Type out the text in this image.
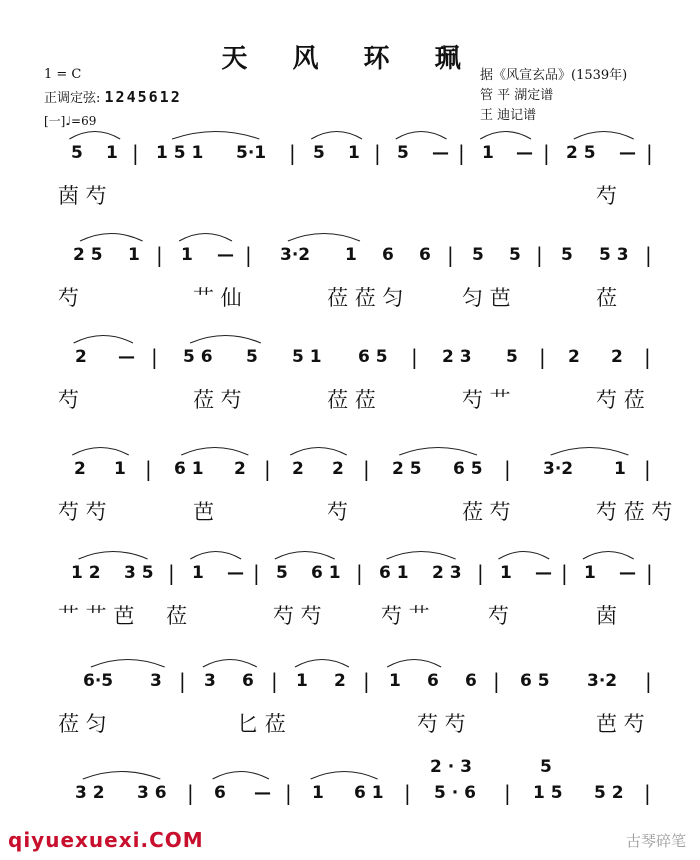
天 风 环 珮
1 = C
正调定弦: 1245612
[一]♩=69
据《风宣玄品》(1539年)
管 平 湖定谱
王 迪记谱
5 1 | 1 5 1 5·1 | 5 1 | 5 — | 1 — | 2 5 — |
茵 芍	芍
2 5 1 | 1 — | 3·2 1 6 6 | 5 5 | 5 5 3 |
芍	⺾ 仙	莅 莅 匀	匀 芭	莅
2 — | 5 6 5 5 1 6 5 | 2 3 5 | 2 2 |
芍	莅 芍	莅 莅	芍 ⺾	芍 莅
2 1 | 6 1 2 | 2 2 | 2 5 6 5 | 3·2 1 |
芍 芍	芭	芍	莅 芍	芍 莅 芍
1 2 3 5 | 1 — | 5 6 1 | 6 1 2 3 | 1 — | 1 — |
⺾ ⺾ 芭 莅	芍 芍	芍 ⺾	芍	茵
6·5 3 | 3 6 | 1 2 | 1 6 6 | 6 5 3·2 |
莅 匀	匕 莅	芍 芍	芭 芍
3 2 3 6 | 6 — | 1 6 1 | 5 · 6 | 1 5 5 2 |
2 · 3	5
qiyuexuexi.COM	古琴碎笔
